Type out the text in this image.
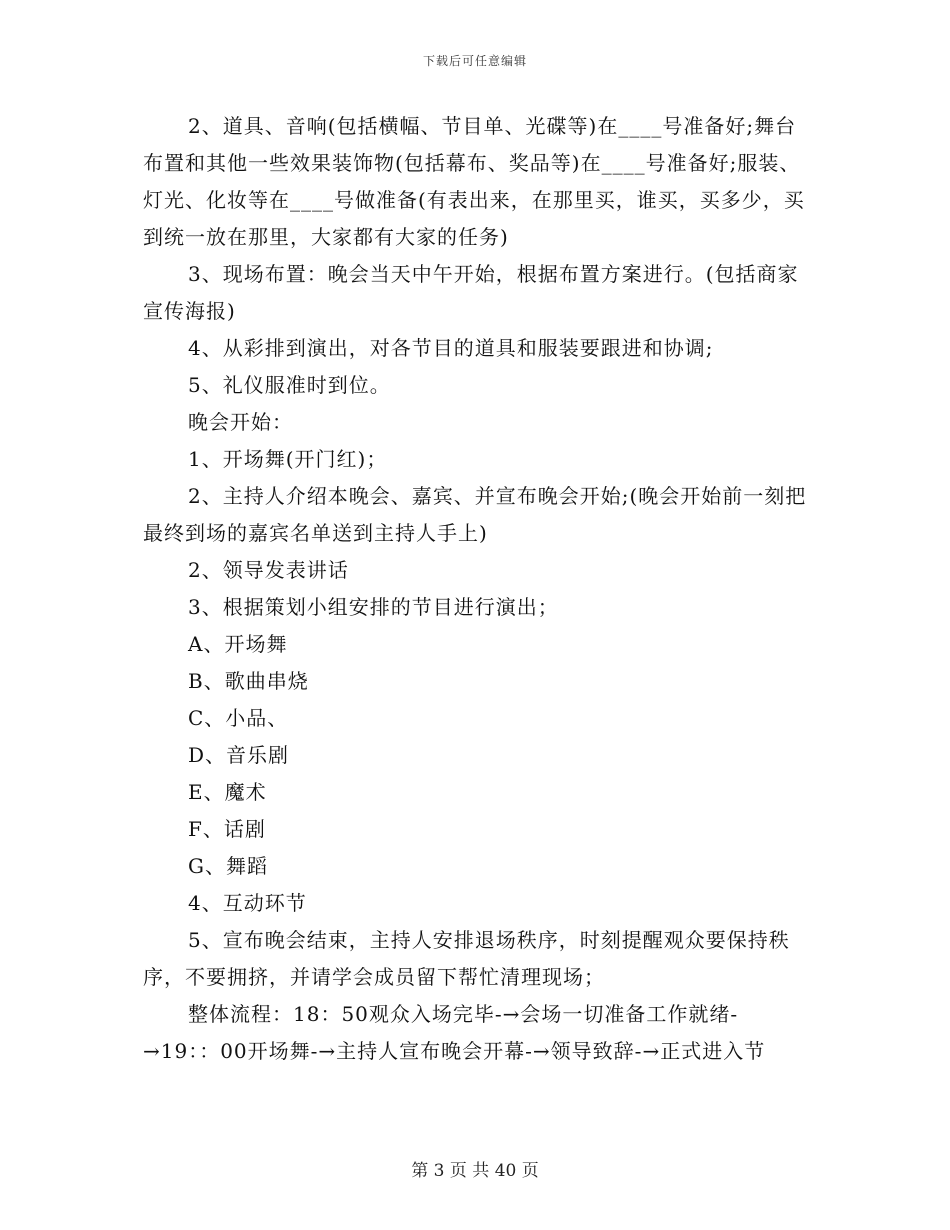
下载后可任意编辑
2、道具、音响(包括横幅、节目单、光碟等)在____号准备好;舞台布置和其他一些效果装饰物(包括幕布、奖品等)在____号准备好;服装、灯光、化妆等在____号做准备(有表出来，在那里买，谁买，买多少，买到统一放在那里，大家都有大家的任务)
3、现场布置：晚会当天中午开始，根据布置方案进行。(包括商家宣传海报)
4、从彩排到演出，对各节目的道具和服装要跟进和协调;
5、礼仪服准时到位。
晚会开始：
1、开场舞(开门红)；
2、主持人介绍本晚会、嘉宾、并宣布晚会开始;(晚会开始前一刻把最终到场的嘉宾名单送到主持人手上)
2、领导发表讲话
3、根据策划小组安排的节目进行演出；
A、开场舞
B、歌曲串烧
C、小品、
D、音乐剧
E、魔术
F、话剧
G、舞蹈
4、互动环节
5、宣布晚会结束，主持人安排退场秩序，时刻提醒观众要保持秩序，不要拥挤，并请学会成员留下帮忙清理现场；
整体流程：18：50观众入场完毕-→会场一切准备工作就绪-→19：：00开场舞-→主持人宣布晚会开幕-→领导致辞-→正式进入节
第 3 页 共 40 页
